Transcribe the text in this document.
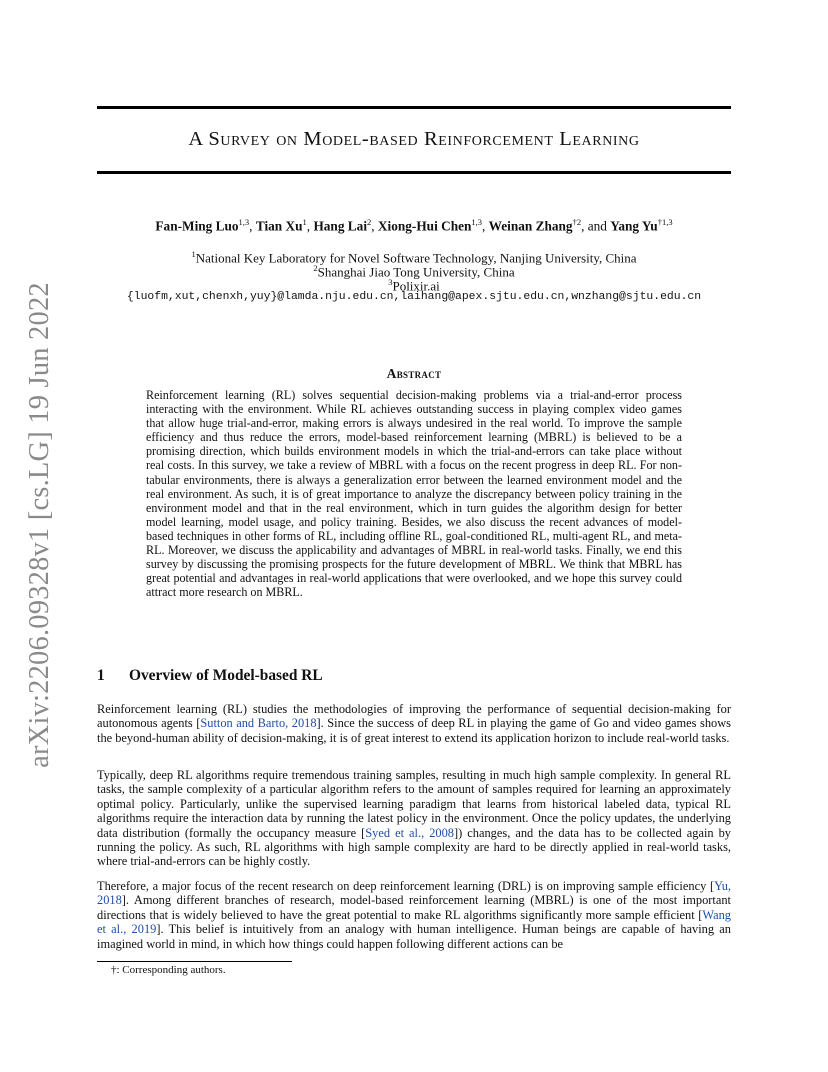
arXiv:2206.09328v1 [cs.LG] 19 Jun 2022
A Survey on Model-based Reinforcement Learning
Fan-Ming Luo$^{1,3}$, Tian Xu$^1$, Hang Lai$^2$, Xiong-Hui Chen$^{1,3}$, Weinan Zhang$^{\dagger 2}$, and Yang Yu$^{\dagger 1,3}$
$^1$National Key Laboratory for Novel Software Technology, Nanjing University, China
$^2$Shanghai Jiao Tong University, China
$^3$Polixir.ai
{luofm,xut,chenxh,yuy}@lamda.nju.edu.cn,laihang@apex.sjtu.edu.cn,wnzhang@sjtu.edu.cn
Abstract
Reinforcement learning (RL) solves sequential decision-making problems via a trial-and-error process interacting with the environment. While RL achieves outstanding success in playing complex video games that allow huge trial-and-error, making errors is always undesired in the real world. To improve the sample efficiency and thus reduce the errors, model-based reinforcement learning (MBRL) is believed to be a promising direction, which builds environment models in which the trial-and-errors can take place without real costs. In this survey, we take a review of MBRL with a focus on the recent progress in deep RL. For non-tabular environments, there is always a generalization error between the learned environment model and the real environment. As such, it is of great importance to analyze the discrepancy between policy training in the environment model and that in the real environment, which in turn guides the algorithm design for better model learning, model usage, and policy training. Besides, we also discuss the recent advances of model-based techniques in other forms of RL, including offline RL, goal-conditioned RL, multi-agent RL, and meta-RL. Moreover, we discuss the applicability and advantages of MBRL in real-world tasks. Finally, we end this survey by discussing the promising prospects for the future development of MBRL. We think that MBRL has great potential and advantages in real-world applications that were overlooked, and we hope this survey could attract more research on MBRL.
1 Overview of Model-based RL
Reinforcement learning (RL) studies the methodologies of improving the performance of sequential decision-making for autonomous agents [Sutton and Barto, 2018]. Since the success of deep RL in playing the game of Go and video games shows the beyond-human ability of decision-making, it is of great interest to extend its application horizon to include real-world tasks.
Typically, deep RL algorithms require tremendous training samples, resulting in much high sample complexity. In general RL tasks, the sample complexity of a particular algorithm refers to the amount of samples required for learning an approximately optimal policy. Particularly, unlike the supervised learning paradigm that learns from historical labeled data, typical RL algorithms require the interaction data by running the latest policy in the environment. Once the policy updates, the underlying data distribution (formally the occupancy measure [Syed et al., 2008]) changes, and the data has to be collected again by running the policy. As such, RL algorithms with high sample complexity are hard to be directly applied in real-world tasks, where trial-and-errors can be highly costly.
Therefore, a major focus of the recent research on deep reinforcement learning (DRL) is on improving sample efficiency [Yu, 2018]. Among different branches of research, model-based reinforcement learning (MBRL) is one of the most important directions that is widely believed to have the great potential to make RL algorithms significantly more sample efficient [Wang et al., 2019]. This belief is intuitively from an analogy with human intelligence. Human beings are capable of having an imagined world in mind, in which how things could happen following different actions can be
†: Corresponding authors.
